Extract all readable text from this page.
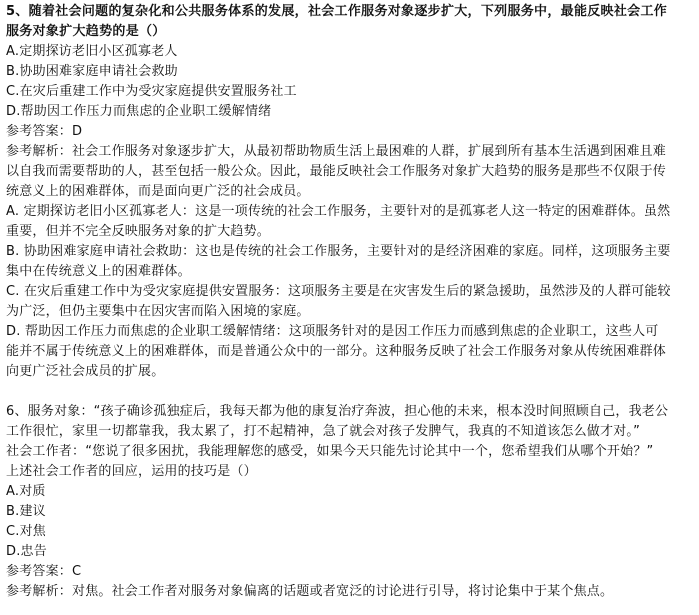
5、随着社会问题的复杂化和公共服务体系的发展，社会工作服务对象逐步扩大，下列服务中，最能反映社会工作
服务对象扩大趋势的是（）
A.定期探访老旧小区孤寡老人
B.协助困难家庭申请社会救助
C.在灾后重建工作中为受灾家庭提供安置服务社工
D.帮助因工作压力而焦虑的企业职工缓解情绪
参考答案：D
参考解析：社会工作服务对象逐步扩大，从最初帮助物质生活上最困难的人群，扩展到所有基本生活遇到困难且难
以自我而需要帮助的人，甚至包括一般公众。因此，最能反映社会工作服务对象扩大趋势的服务是那些不仅限于传
统意义上的困难群体，而是面向更广泛的社会成员。
A. 定期探访老旧小区孤寡老人：这是一项传统的社会工作服务，主要针对的是孤寡老人这一特定的困难群体。虽然
重要，但并不完全反映服务对象的扩大趋势。
B. 协助困难家庭申请社会救助：这也是传统的社会工作服务，主要针对的是经济困难的家庭。同样，这项服务主要
集中在传统意义上的困难群体。
C. 在灾后重建工作中为受灾家庭提供安置服务：这项服务主要是在灾害发生后的紧急援助，虽然涉及的人群可能较
为广泛，但仍主要集中在因灾害而陷入困境的家庭。
D. 帮助因工作压力而焦虑的企业职工缓解情绪：这项服务针对的是因工作压力而感到焦虑的企业职工，这些人可
能并不属于传统意义上的困难群体，而是普通公众中的一部分。这种服务反映了社会工作服务对象从传统困难群体
向更广泛社会成员的扩展。
6、服务对象：“孩子确诊孤独症后，我每天都为他的康复治疗奔波，担心他的未来，根本没时间照顾自己，我老公
工作很忙，家里一切都靠我，我太累了，打不起精神，急了就会对孩子发脾气，我真的不知道该怎么做才对。”
社会工作者：“您说了很多困扰，我能理解您的感受，如果今天只能先讨论其中一个，您希望我们从哪个开始？”
上述社会工作者的回应，运用的技巧是（）
A.对质
B.建议
C.对焦
D.忠告
参考答案：C
参考解析：对焦。社会工作者对服务对象偏离的话题或者宽泛的讨论进行引导，将讨论集中于某个焦点。
